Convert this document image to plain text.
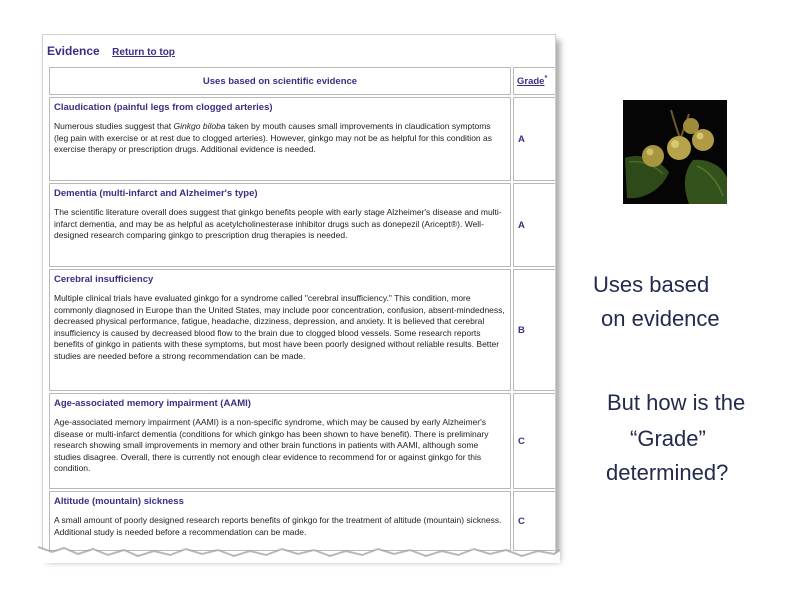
Evidence Return to top
Uses based on scientific evidence	Grade*

Claudication (painful legs from clogged arteries)
Numerous studies suggest that Ginkgo biloba taken by mouth causes small improvements in claudication symptoms (leg pain with exercise or at rest due to clogged arteries). However, ginkgo may not be as helpful for this condition as exercise therapy or prescription drugs. Additional evidence is needed.	A

Dementia (multi-infarct and Alzheimer's type)
The scientific literature overall does suggest that ginkgo benefits people with early stage Alzheimer's disease and multi-infarct dementia, and may be as helpful as acetylcholinesterase inhibitor drugs such as donepezil (Aricept®). Well-designed research comparing ginkgo to prescription drug therapies is needed.	A

Cerebral insufficiency
Multiple clinical trials have evaluated ginkgo for a syndrome called "cerebral insufficiency." This condition, more commonly diagnosed in Europe than the United States, may include poor concentration, confusion, absent-mindedness, decreased physical performance, fatigue, headache, dizziness, depression, and anxiety. It is believed that cerebral insufficiency is caused by decreased blood flow to the brain due to clogged blood vessels. Some research reports benefits of ginkgo in patients with these symptoms, but most have been poorly designed without reliable results. Better studies are needed before a strong recommendation can be made.	B

Age-associated memory impairment (AAMI)
Age-associated memory impairment (AAMI) is a non-specific syndrome, which may be caused by early Alzheimer's disease or multi-infarct dementia (conditions for which ginkgo has been shown to have benefit). There is preliminary research showing small improvements in memory and other brain functions in patients with AAMI, although some studies disagree. Overall, there is currently not enough clear evidence to recommend for or against ginkgo for this condition.	C

Altitude (mountain) sickness
A small amount of poorly designed research reports benefits of ginkgo for the treatment of altitude (mountain) sickness. Additional study is needed before a recommendation can be made.	C
Uses based
on evidence
But how is the
“Grade”
determined?
